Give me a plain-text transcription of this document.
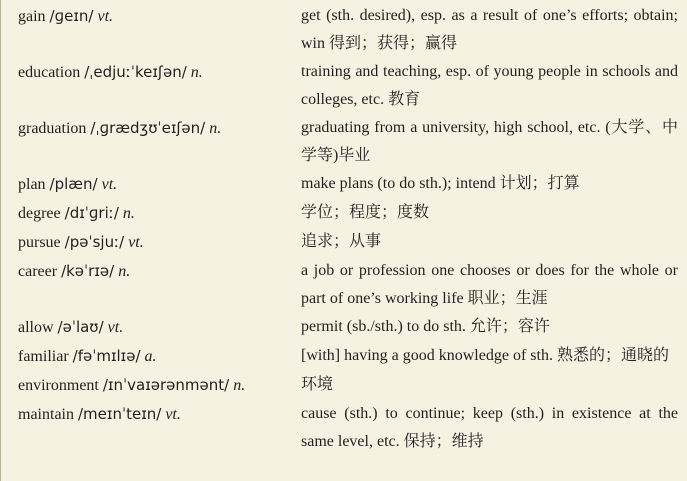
gain /ɡeɪn/ vt.	get (sth. desired), esp. as a result of one’s efforts; obtain; win 得到；获得；赢得
education /ˌedjuːˈkeɪʃən/ n.	training and teaching, esp. of young people in schools and colleges, etc. 教育
graduation /ˌɡrædʒʊˈeɪʃən/ n.	graduating from a university, high school, etc. (大学、中学等)毕业
plan /plæn/ vt.	make plans (to do sth.); intend 计划；打算
degree /dɪˈɡriː/ n.	学位；程度；度数
pursue /pəˈsjuː/ vt.	追求；从事
career /kəˈrɪə/ n.	a job or profession one chooses or does for the whole or part of one’s working life 职业；生涯
allow /əˈlaʊ/ vt.	permit (sb./sth.) to do sth. 允许；容许
familiar /fəˈmɪlɪə/ a.	[with] having a good knowledge of sth. 熟悉的；通晓的
environment /ɪnˈvaɪərənmənt/ n.	环境
maintain /meɪnˈteɪn/ vt.	cause (sth.) to continue; keep (sth.) in existence at the same level, etc. 保持；维持
